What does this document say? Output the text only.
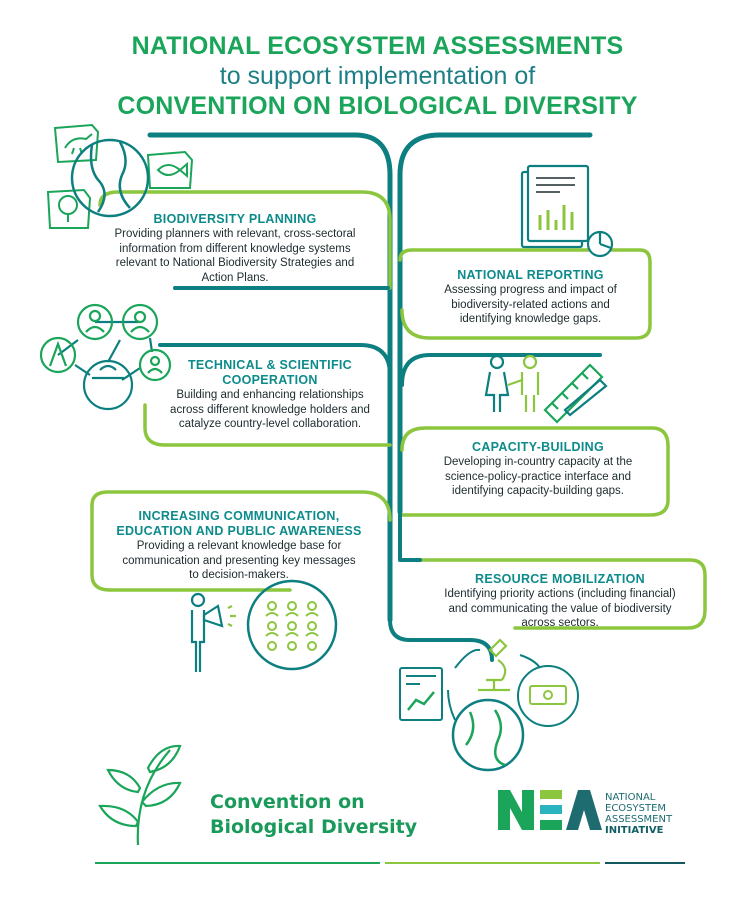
NATIONAL ECOSYSTEM ASSESSMENTS
to support implementation of
CONVENTION ON BIOLOGICAL DIVERSITY
BIODIVERSITY PLANNING

Providing planners with relevant, cross-sectoral

information from different knowledge systems

relevant to National Biodiversity Strategies and

Action Plans.	NATIONAL REPORTING

Assessing progress and impact of

biodiversity-related actions and

identifying knowledge gaps.

TECHNICAL & SCIENTIFIC
COOPERATION

Building and enhancing relationships

across different knowledge holders and

catalyze country-level collaboration.

CAPACITY-BUILDING

Developing in-country capacity at the

science-policy-practice interface and

identifying capacity-building gaps.

INCREASING COMMUNICATION,
EDUCATION AND PUBLIC AWARENESS

Providing a relevant knowledge base for

communication and presenting key messages

to decision-makers.	RESOURCE MOBILIZATION

Identifying priority actions (including financial)

and communicating the value of biodiversity

across sectors.

Convention on
Biological Diversity
NATIONAL
ECOSYSTEM
ASSESSMENT
INITIATIVE
